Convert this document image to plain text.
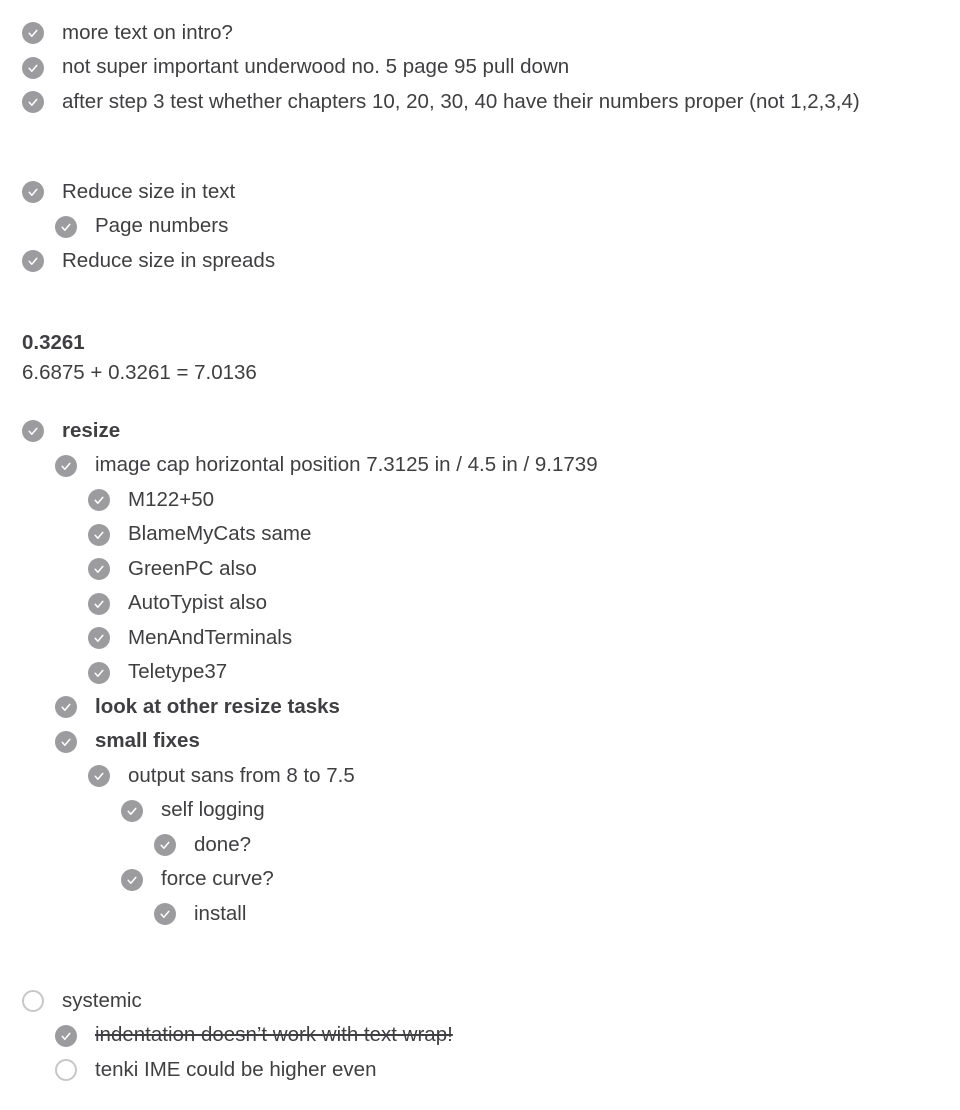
more text on intro?
not super important underwood no. 5 page 95 pull down
after step 3 test whether chapters 10, 20, 30, 40 have their numbers proper (not 1,2,3,4)
Reduce size in text
Page numbers
Reduce size in spreads
0.3261
6.6875 + 0.3261 = 7.0136
resize
image cap horizontal position 7.3125 in / 4.5 in / 9.1739
M122+50
BlameMyCats same
GreenPC also
AutoTypist also
MenAndTerminals
Teletype37
look at other resize tasks
small fixes
output sans from 8 to 7.5
self logging
done?
force curve?
install
systemic
indentation doesn’t work with text wrap!
tenki IME could be higher even
